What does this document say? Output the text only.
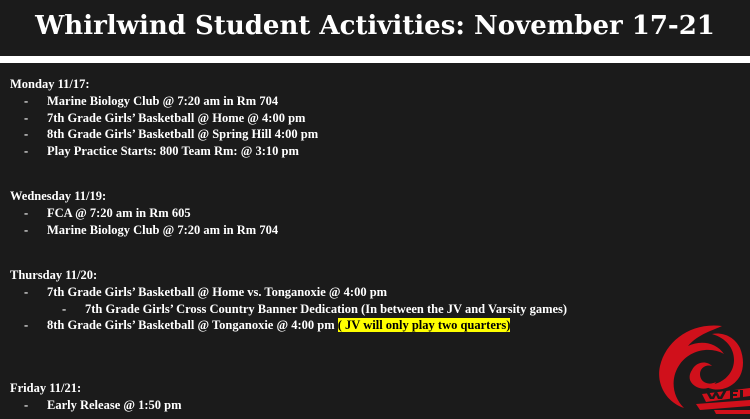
Whirlwind Student Activities: November 17-21
Monday 11/17:
- Marine Biology Club @ 7:20 am in Rm 704
- 7th Grade Girls’ Basketball @ Home @ 4:00 pm
- 8th Grade Girls’ Basketball @ Spring Hill 4:00 pm
- Play Practice Starts: 800 Team Rm: @ 3:10 pm
Wednesday 11/19:
- FCA @ 7:20 am in Rm 605
- Marine Biology Club @ 7:20 am in Rm 704
Thursday 11/20:
- 7th Grade Girls’ Basketball @ Home vs. Tonganoxie @ 4:00 pm
- 7th Grade Girls’ Cross Country Banner Dedication (In between the JV and Varsity games)
- 8th Grade Girls’ Basketball @ Tonganoxie @ 4:00 pm ( JV will only play two quarters)
Friday 11/21:
- Early Release @ 1:50 pm
